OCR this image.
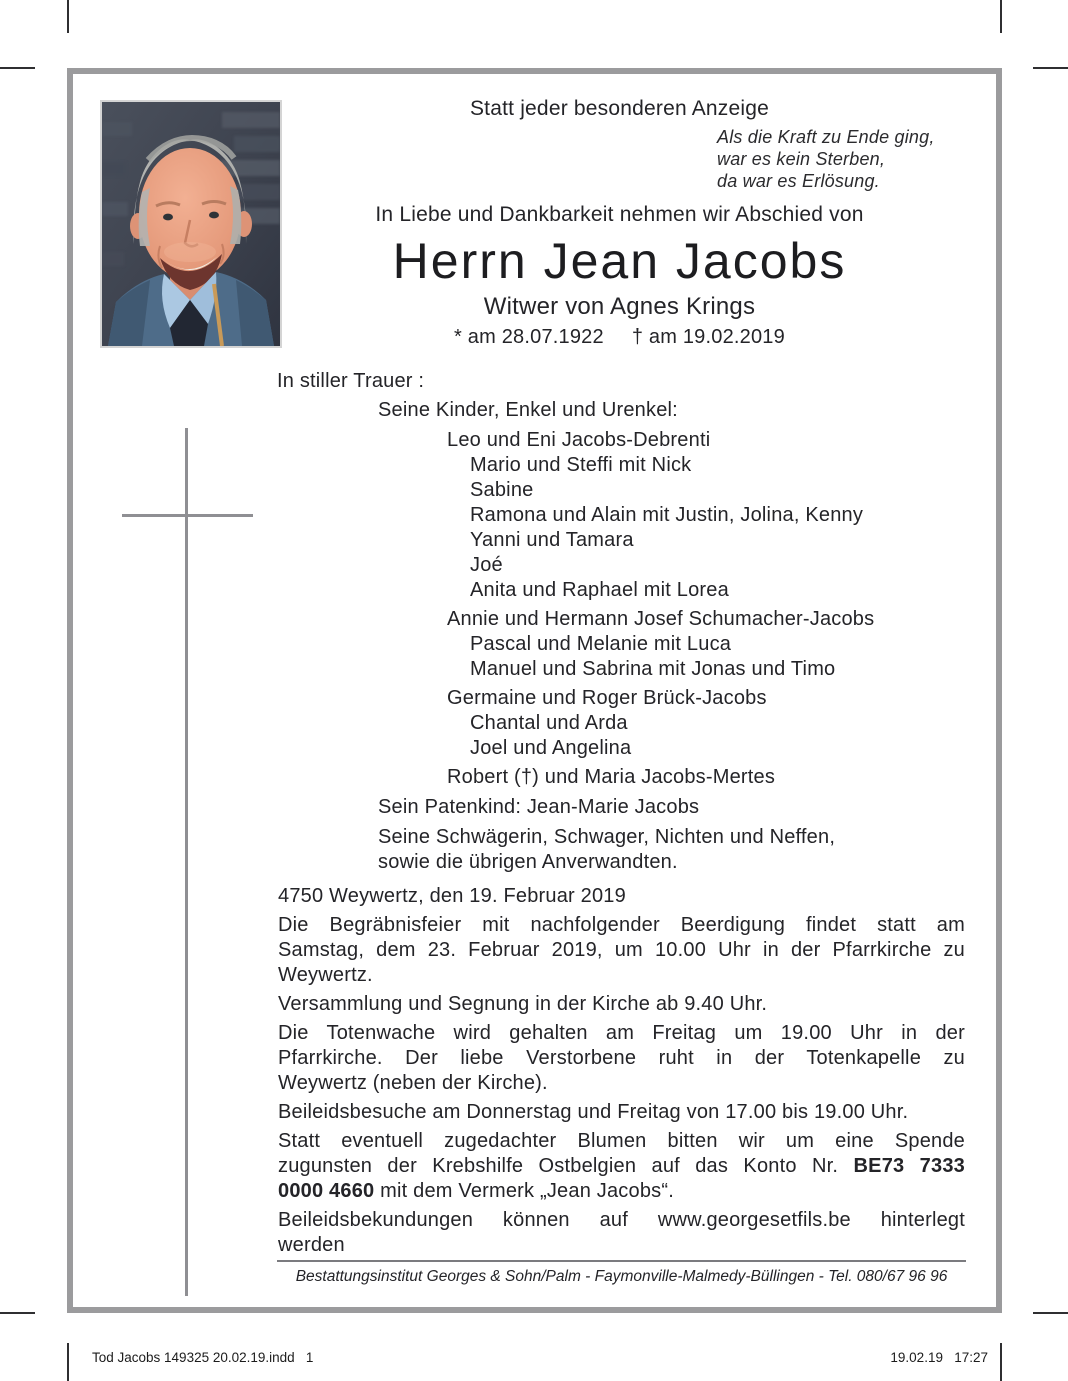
Statt jeder besonderen Anzeige
Als die Kraft zu Ende ging,
war es kein Sterben,
da war es Erlösung.
In Liebe und Dankbarkeit nehmen wir Abschied von
Herrn Jean Jacobs
Witwer von Agnes Krings
* am 28.07.1922 † am 19.02.2019
In stiller Trauer :
Seine Kinder, Enkel und Urenkel:
Leo und Eni Jacobs-Debrenti
Mario und Steffi mit Nick
Sabine
Ramona und Alain mit Justin, Jolina, Kenny
Yanni und Tamara
Joé
Anita und Raphael mit Lorea
Annie und Hermann Josef Schumacher-Jacobs
Pascal und Melanie mit Luca
Manuel und Sabrina mit Jonas und Timo
Germaine und Roger Brück-Jacobs
Chantal und Arda
Joel und Angelina
Robert (†) und Maria Jacobs-Mertes
Sein Patenkind: Jean-Marie Jacobs
Seine Schwägerin, Schwager, Nichten und Neffen,
sowie die übrigen Anverwandten.
4750 Weywertz, den 19. Februar 2019
Die Begräbnisfeier mit nachfolgender Beerdigung findet statt am
Samstag, dem 23. Februar 2019, um 10.00 Uhr in der Pfarrkirche zu
Weywertz.
Versammlung und Segnung in der Kirche ab 9.40 Uhr.
Die Totenwache wird gehalten am Freitag um 19.00 Uhr in der
Pfarrkirche. Der liebe Verstorbene ruht in der Totenkapelle zu
Weywertz (neben der Kirche).
Beileidsbesuche am Donnerstag und Freitag von 17.00 bis 19.00 Uhr.
Statt eventuell zugedachter Blumen bitten wir um eine Spende
zugunsten der Krebshilfe Ostbelgien auf das Konto Nr. BE73 7333
0000 4660 mit dem Vermerk „Jean Jacobs“.
Beileidsbekundungen können auf www.georgesetfils.be hinterlegt
werden
Bestattungsinstitut Georges & Sohn/Palm - Faymonville-Malmedy-Büllingen - Tel. 080/67 96 96
Tod Jacobs 149325 20.02.19.indd   1	19.02.19   17:27
